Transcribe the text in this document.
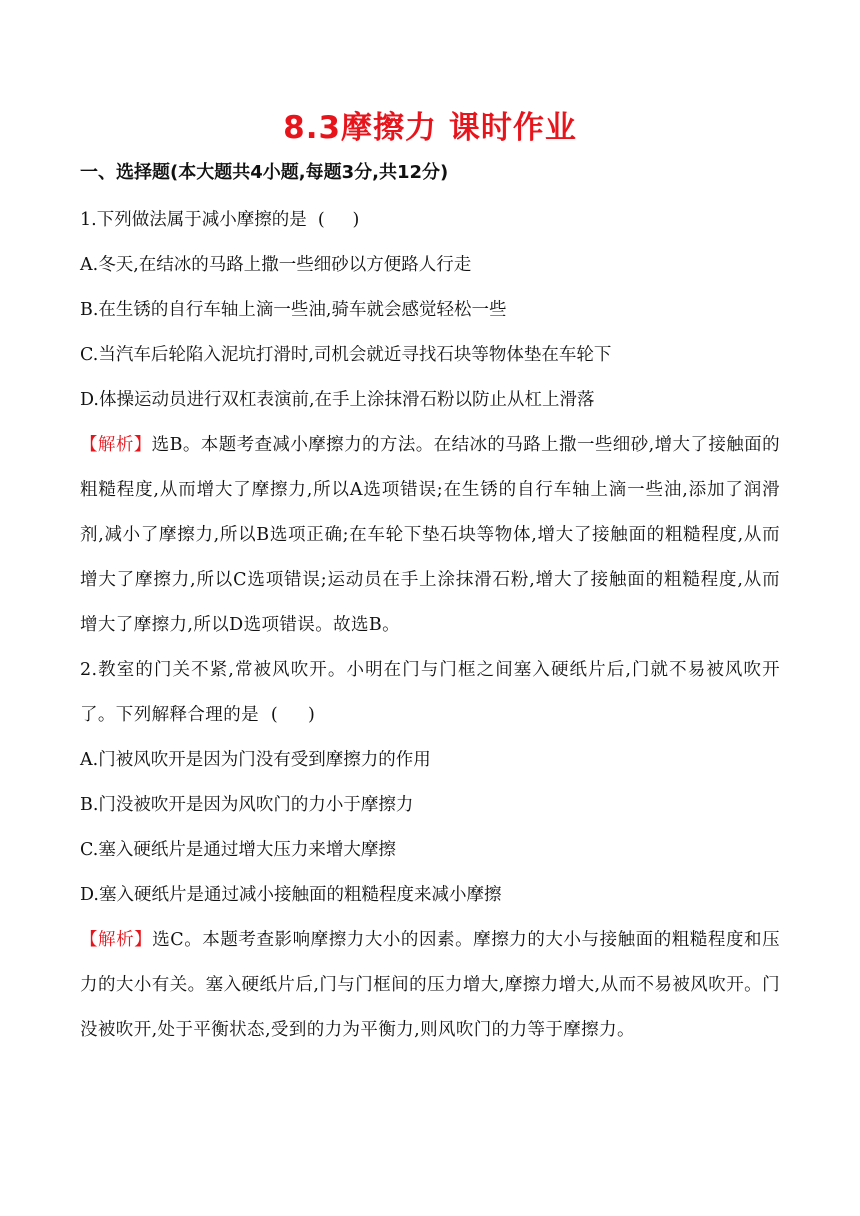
8.3摩擦力 课时作业
一、选择题(本大题共4小题,每题3分,共12分)

1.下列做法属于减小摩擦的是  (     )

A.冬天,在结冰的马路上撒一些细砂以方便路人行走

B.在生锈的自行车轴上滴一些油,骑车就会感觉轻松一些

C.当汽车后轮陷入泥坑打滑时,司机会就近寻找石块等物体垫在车轮下

D.体操运动员进行双杠表演前,在手上涂抹滑石粉以防止从杠上滑落

【解析】选B。本题考查减小摩擦力的方法。在结冰的马路上撒一些细砂,增大了接触面的粗糙程度,从而增大了摩擦力,所以A选项错误;在生锈的自行车轴上滴一些油,添加了润滑剂,减小了摩擦力,所以B选项正确;在车轮下垫石块等物体,增大了接触面的粗糙程度,从而增大了摩擦力,所以C选项错误;运动员在手上涂抹滑石粉,增大了接触面的粗糙程度,从而增大了摩擦力,所以D选项错误。故选B。

2.教室的门关不紧,常被风吹开。小明在门与门框之间塞入硬纸片后,门就不易被风吹开了。下列解释合理的是  (     )

A.门被风吹开是因为门没有受到摩擦力的作用

B.门没被吹开是因为风吹门的力小于摩擦力

C.塞入硬纸片是通过增大压力来增大摩擦

D.塞入硬纸片是通过减小接触面的粗糙程度来减小摩擦

【解析】选C。本题考查影响摩擦力大小的因素。摩擦力的大小与接触面的粗糙程度和压力的大小有关。塞入硬纸片后,门与门框间的压力增大,摩擦力增大,从而不易被风吹开。门没被吹开,处于平衡状态,受到的力为平衡力,则风吹门的力等于摩擦力。
